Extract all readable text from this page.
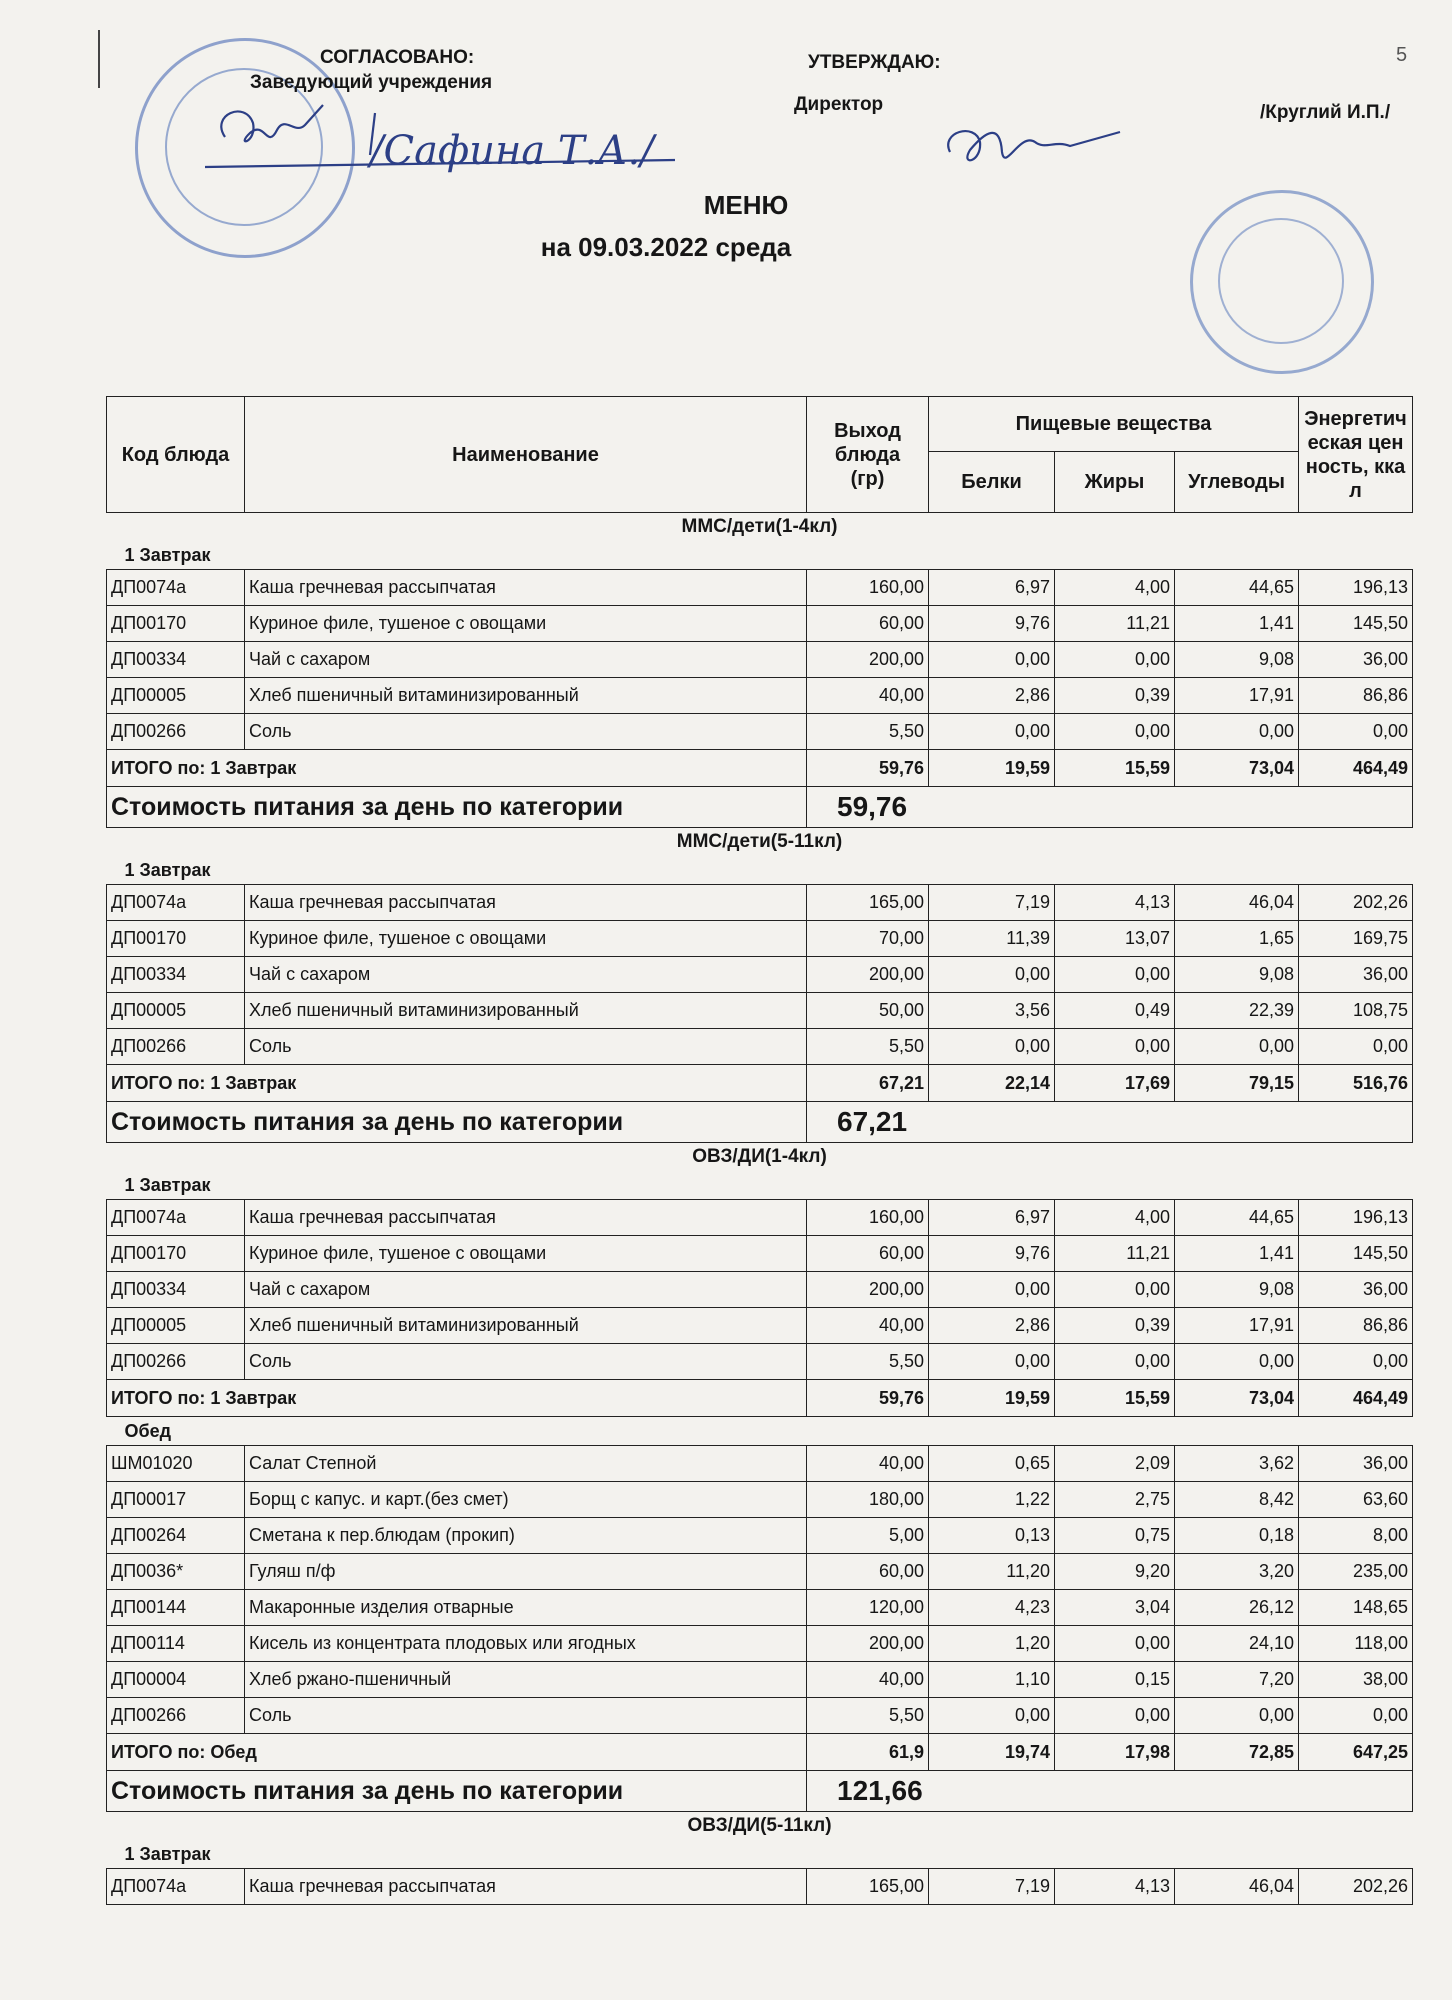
СОГЛАСОВАНО:
Заведующий учреждения
/Сафина Т.А./
УТВЕРЖДАЮ:
Директор	/Круглий И.П./
5
МЕНЮ
на 09.03.2022 среда
Код блюда	Наименование	Выход блюда (гр)	Пищевые вещества			Энергетическая ценность, ккал
			Белки	Жиры	Углеводы	
ММС/дети(1-4кл)						
1 Завтрак						
ДП0074а	Каша гречневая рассыпчатая	160,00	6,97	4,00	44,65	196,13
ДП00170	Куриное филе, тушеное с овощами	60,00	9,76	11,21	1,41	145,50
ДП00334	Чай с сахаром	200,00	0,00	0,00	9,08	36,00
ДП00005	Хлеб пшеничный витаминизированный	40,00	2,86	0,39	17,91	86,86
ДП00266	Соль	5,50	0,00	0,00	0,00	0,00
ИТОГО по: 1 Завтрак		59,76	19,59	15,59	73,04	464,49
Стоимость питания за день по категории		59,76				
ММС/дети(5-11кл)						
1 Завтрак						
ДП0074а	Каша гречневая рассыпчатая	165,00	7,19	4,13	46,04	202,26
ДП00170	Куриное филе, тушеное с овощами	70,00	11,39	13,07	1,65	169,75
ДП00334	Чай с сахаром	200,00	0,00	0,00	9,08	36,00
ДП00005	Хлеб пшеничный витаминизированный	50,00	3,56	0,49	22,39	108,75
ДП00266	Соль	5,50	0,00	0,00	0,00	0,00
ИТОГО по: 1 Завтрак		67,21	22,14	17,69	79,15	516,76
Стоимость питания за день по категории		67,21				
ОВЗ/ДИ(1-4кл)						
1 Завтрак						
ДП0074а	Каша гречневая рассыпчатая	160,00	6,97	4,00	44,65	196,13
ДП00170	Куриное филе, тушеное с овощами	60,00	9,76	11,21	1,41	145,50
ДП00334	Чай с сахаром	200,00	0,00	0,00	9,08	36,00
ДП00005	Хлеб пшеничный витаминизированный	40,00	2,86	0,39	17,91	86,86
ДП00266	Соль	5,50	0,00	0,00	0,00	0,00
ИТОГО по: 1 Завтрак		59,76	19,59	15,59	73,04	464,49
Обед						
ШМ01020	Салат Степной	40,00	0,65	2,09	3,62	36,00
ДП00017	Борщ с капус. и карт.(без смет)	180,00	1,22	2,75	8,42	63,60
ДП00264	Сметана к пер.блюдам (прокип)	5,00	0,13	0,75	0,18	8,00
ДП0036*	Гуляш п/ф	60,00	11,20	9,20	3,20	235,00
ДП00144	Макаронные изделия отварные	120,00	4,23	3,04	26,12	148,65
ДП00114	Кисель из концентрата плодовых или ягодных	200,00	1,20	0,00	24,10	118,00
ДП00004	Хлеб ржано-пшеничный	40,00	1,10	0,15	7,20	38,00
ДП00266	Соль	5,50	0,00	0,00	0,00	0,00
ИТОГО по: Обед		61,9	19,74	17,98	72,85	647,25
Стоимость питания за день по категории		121,66				
ОВЗ/ДИ(5-11кл)						
1 Завтрак						
ДП0074а	Каша гречневая рассыпчатая	165,00	7,19	4,13	46,04	202,26
